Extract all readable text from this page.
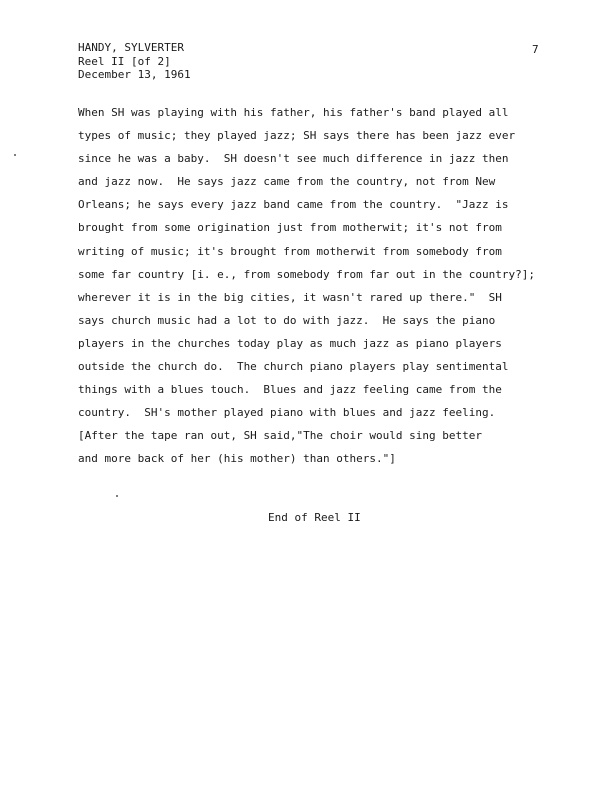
HANDY, SYLVERTER
Reel II [of 2]
December 13, 1961
7
When SH was playing with his father, his father's band played all
types of music; they played jazz; SH says there has been jazz ever
since he was a baby.  SH doesn't see much difference in jazz then
and jazz now.  He says jazz came from the country, not from New
Orleans; he says every jazz band came from the country.  "Jazz is
brought from some origination just from motherwit; it's not from
writing of music; it's brought from motherwit from somebody from
some far country [i. e., from somebody from far out in the country?];
wherever it is in the big cities, it wasn't rared up there."  SH
says church music had a lot to do with jazz.  He says the piano
players in the churches today play as much jazz as piano players
outside the church do.  The church piano players play sentimental
things with a blues touch.  Blues and jazz feeling came from the
country.  SH's mother played piano with blues and jazz feeling.
[After the tape ran out, SH said,"The choir would sing better
and more back of her (his mother) than others."]
End of Reel II
